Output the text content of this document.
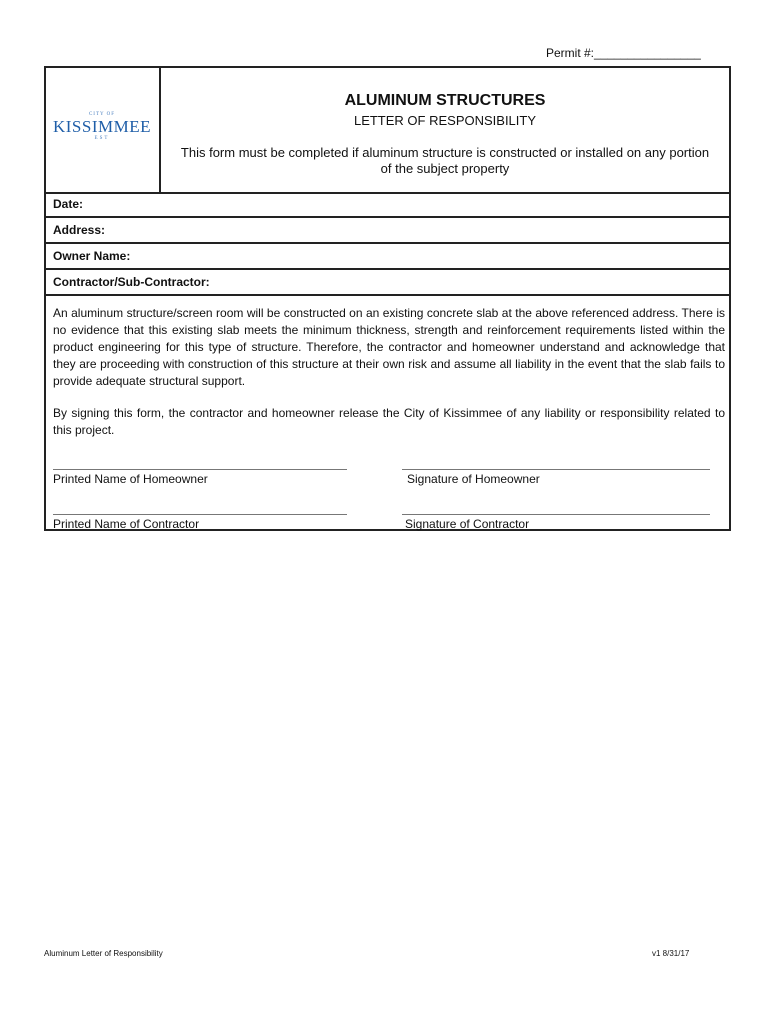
Permit #:________________
CITY OF
KISSIMMEE
EST
ALUMINUM STRUCTURES
LETTER OF RESPONSIBILITY
This form must be completed if aluminum structure is constructed or installed on any portion of the subject property
Date:
Address:
Owner Name:
Contractor/Sub-Contractor:

An aluminum structure/screen room will be constructed on an existing concrete slab at the above referenced address. There is no evidence that this existing slab meets the minimum thickness, strength and reinforcement requirements listed within the product engineering for this type of structure. Therefore, the contractor and homeowner understand and acknowledge that they are proceeding with construction of this structure at their own risk and assume all liability in the event that the slab fails to provide adequate structural support.

By signing this form, the contractor and homeowner release the City of Kissimmee of any liability or responsibility related to this project.

Printed Name of Homeowner	Signature of Homeowner
Printed Name of Contractor	Signature of Contractor
Aluminum Letter of Responsibility	v1 8/31/17
